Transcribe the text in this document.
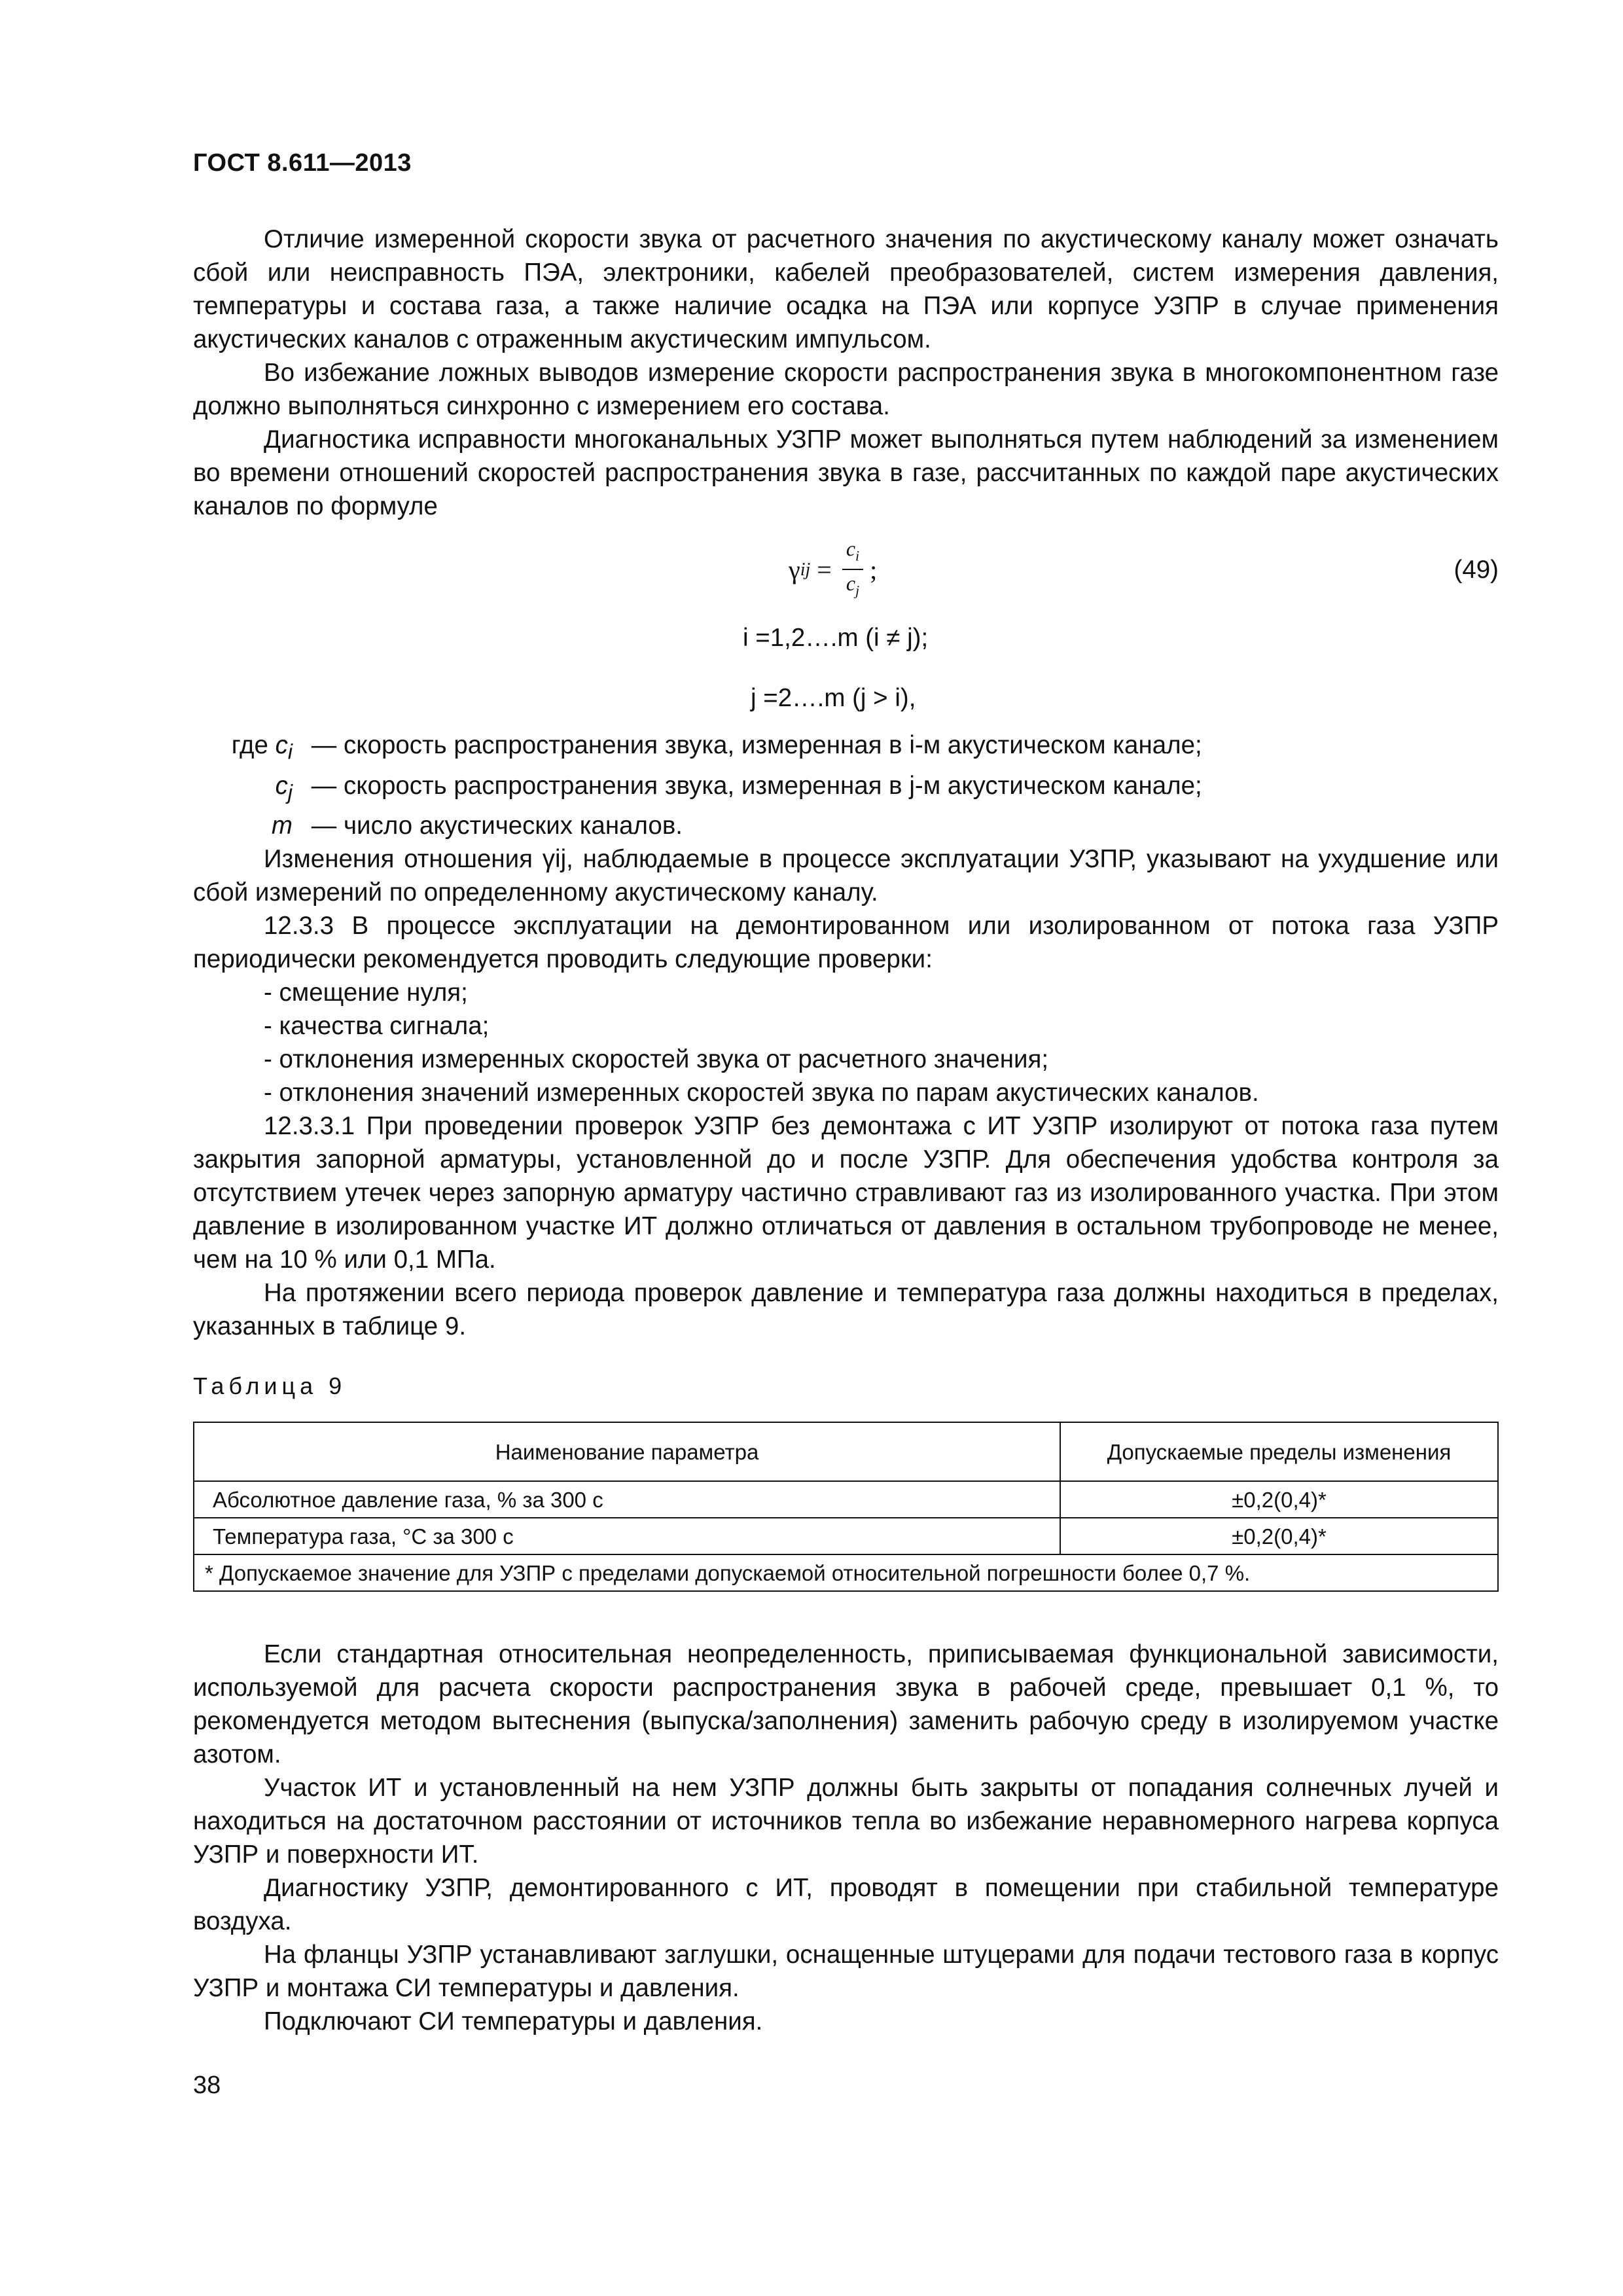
ГОСТ 8.611—2013

Отличие измеренной скорости звука от расчетного значения по акустическому каналу может означать сбой или неисправность ПЭА, электроники, кабелей преобразователей, систем измерения давления, температуры и состава газа, а также наличие осадка на ПЭА или корпусе УЗПР в случае применения акустических каналов с отраженным акустическим импульсом.

Во избежание ложных выводов измерение скорости распространения звука в многокомпонентном газе должно выполняться синхронно с измерением его состава.

Диагностика исправности многоканальных УЗПР может выполняться путем наблюдений за изменением во времени отношений скоростей распространения звука в газе, рассчитанных по каждой паре акустических каналов по формуле

γ ij = $\frac{c_i}{c_j}$ ;	(49)

i =1,2….m (i ≠ j);

j =2….m (j > i),

где $c_i$ — скорость распространения звука, измеренная в i-м акустическом канале;
$c_j$ — скорость распространения звука, измеренная в j-м акустическом канале;
m — число акустических каналов.

Изменения отношения γij, наблюдаемые в процессе эксплуатации УЗПР, указывают на ухудшение или сбой измерений по определенному акустическому каналу.

12.3.3 В процессе эксплуатации на демонтированном или изолированном от потока газа УЗПР периодически рекомендуется проводить следующие проверки:

- смещение нуля;

- качества сигнала;

- отклонения измеренных скоростей звука от расчетного значения;

- отклонения значений измеренных скоростей звука по парам акустических каналов.

12.3.3.1 При проведении проверок УЗПР без демонтажа с ИТ УЗПР изолируют от потока газа путем закрытия запорной арматуры, установленной до и после УЗПР. Для обеспечения удобства контроля за отсутствием утечек через запорную арматуру частично стравливают газ из изолированного участка. При этом давление в изолированном участке ИТ должно отличаться от давления в остальном трубопроводе не менее, чем на 10 % или 0,1 МПа.

На протяжении всего периода проверок давление и температура газа должны находиться в пределах, указанных в таблице 9.

Таблица 9
Наименование параметра	Допускаемые пределы изменения
Абсолютное давление газа, % за 300 с	±0,2(0,4)*
Температура газа, °С за 300 с	±0,2(0,4)*
* Допускаемое значение для УЗПР с пределами допускаемой относительной погрешности более 0,7 %.	

Если стандартная относительная неопределенность, приписываемая функциональной зависимости, используемой для расчета скорости распространения звука в рабочей среде, превышает 0,1 %, то рекомендуется методом вытеснения (выпуска/заполнения) заменить рабочую среду в изолируемом участке азотом.

Участок ИТ и установленный на нем УЗПР должны быть закрыты от попадания солнечных лучей и находиться на достаточном расстоянии от источников тепла во избежание неравномерного нагрева корпуса УЗПР и поверхности ИТ.

Диагностику УЗПР, демонтированного с ИТ, проводят в помещении при стабильной температуре воздуха.

На фланцы УЗПР устанавливают заглушки, оснащенные штуцерами для подачи тестового газа в корпус УЗПР и монтажа СИ температуры и давления.

Подключают СИ температуры и давления.

38
